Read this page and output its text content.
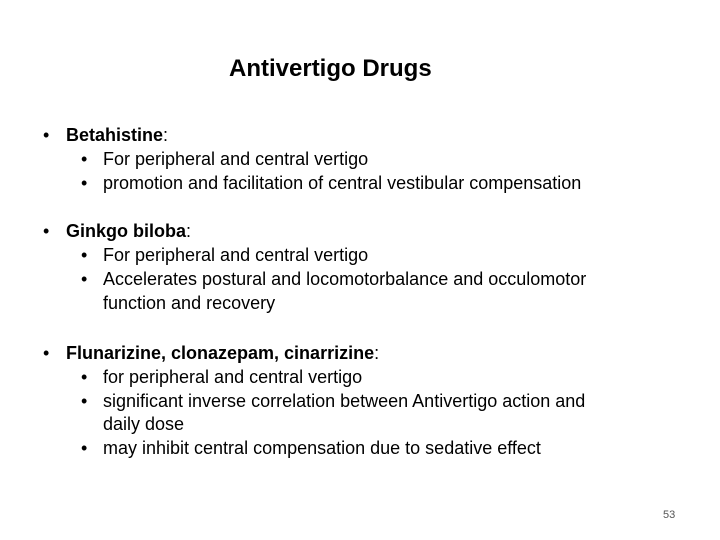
Antivertigo Drugs
• Betahistine:
• For peripheral and central vertigo
• promotion and facilitation of central vestibular compensation
• Ginkgo biloba:
• For peripheral and central vertigo
• Accelerates postural and locomotorbalance and occulomotor
function and recovery
• Flunarizine, clonazepam, cinarrizine:
• for peripheral and central vertigo
• significant inverse correlation between Antivertigo action and
daily dose
• may inhibit central compensation due to sedative effect
53
